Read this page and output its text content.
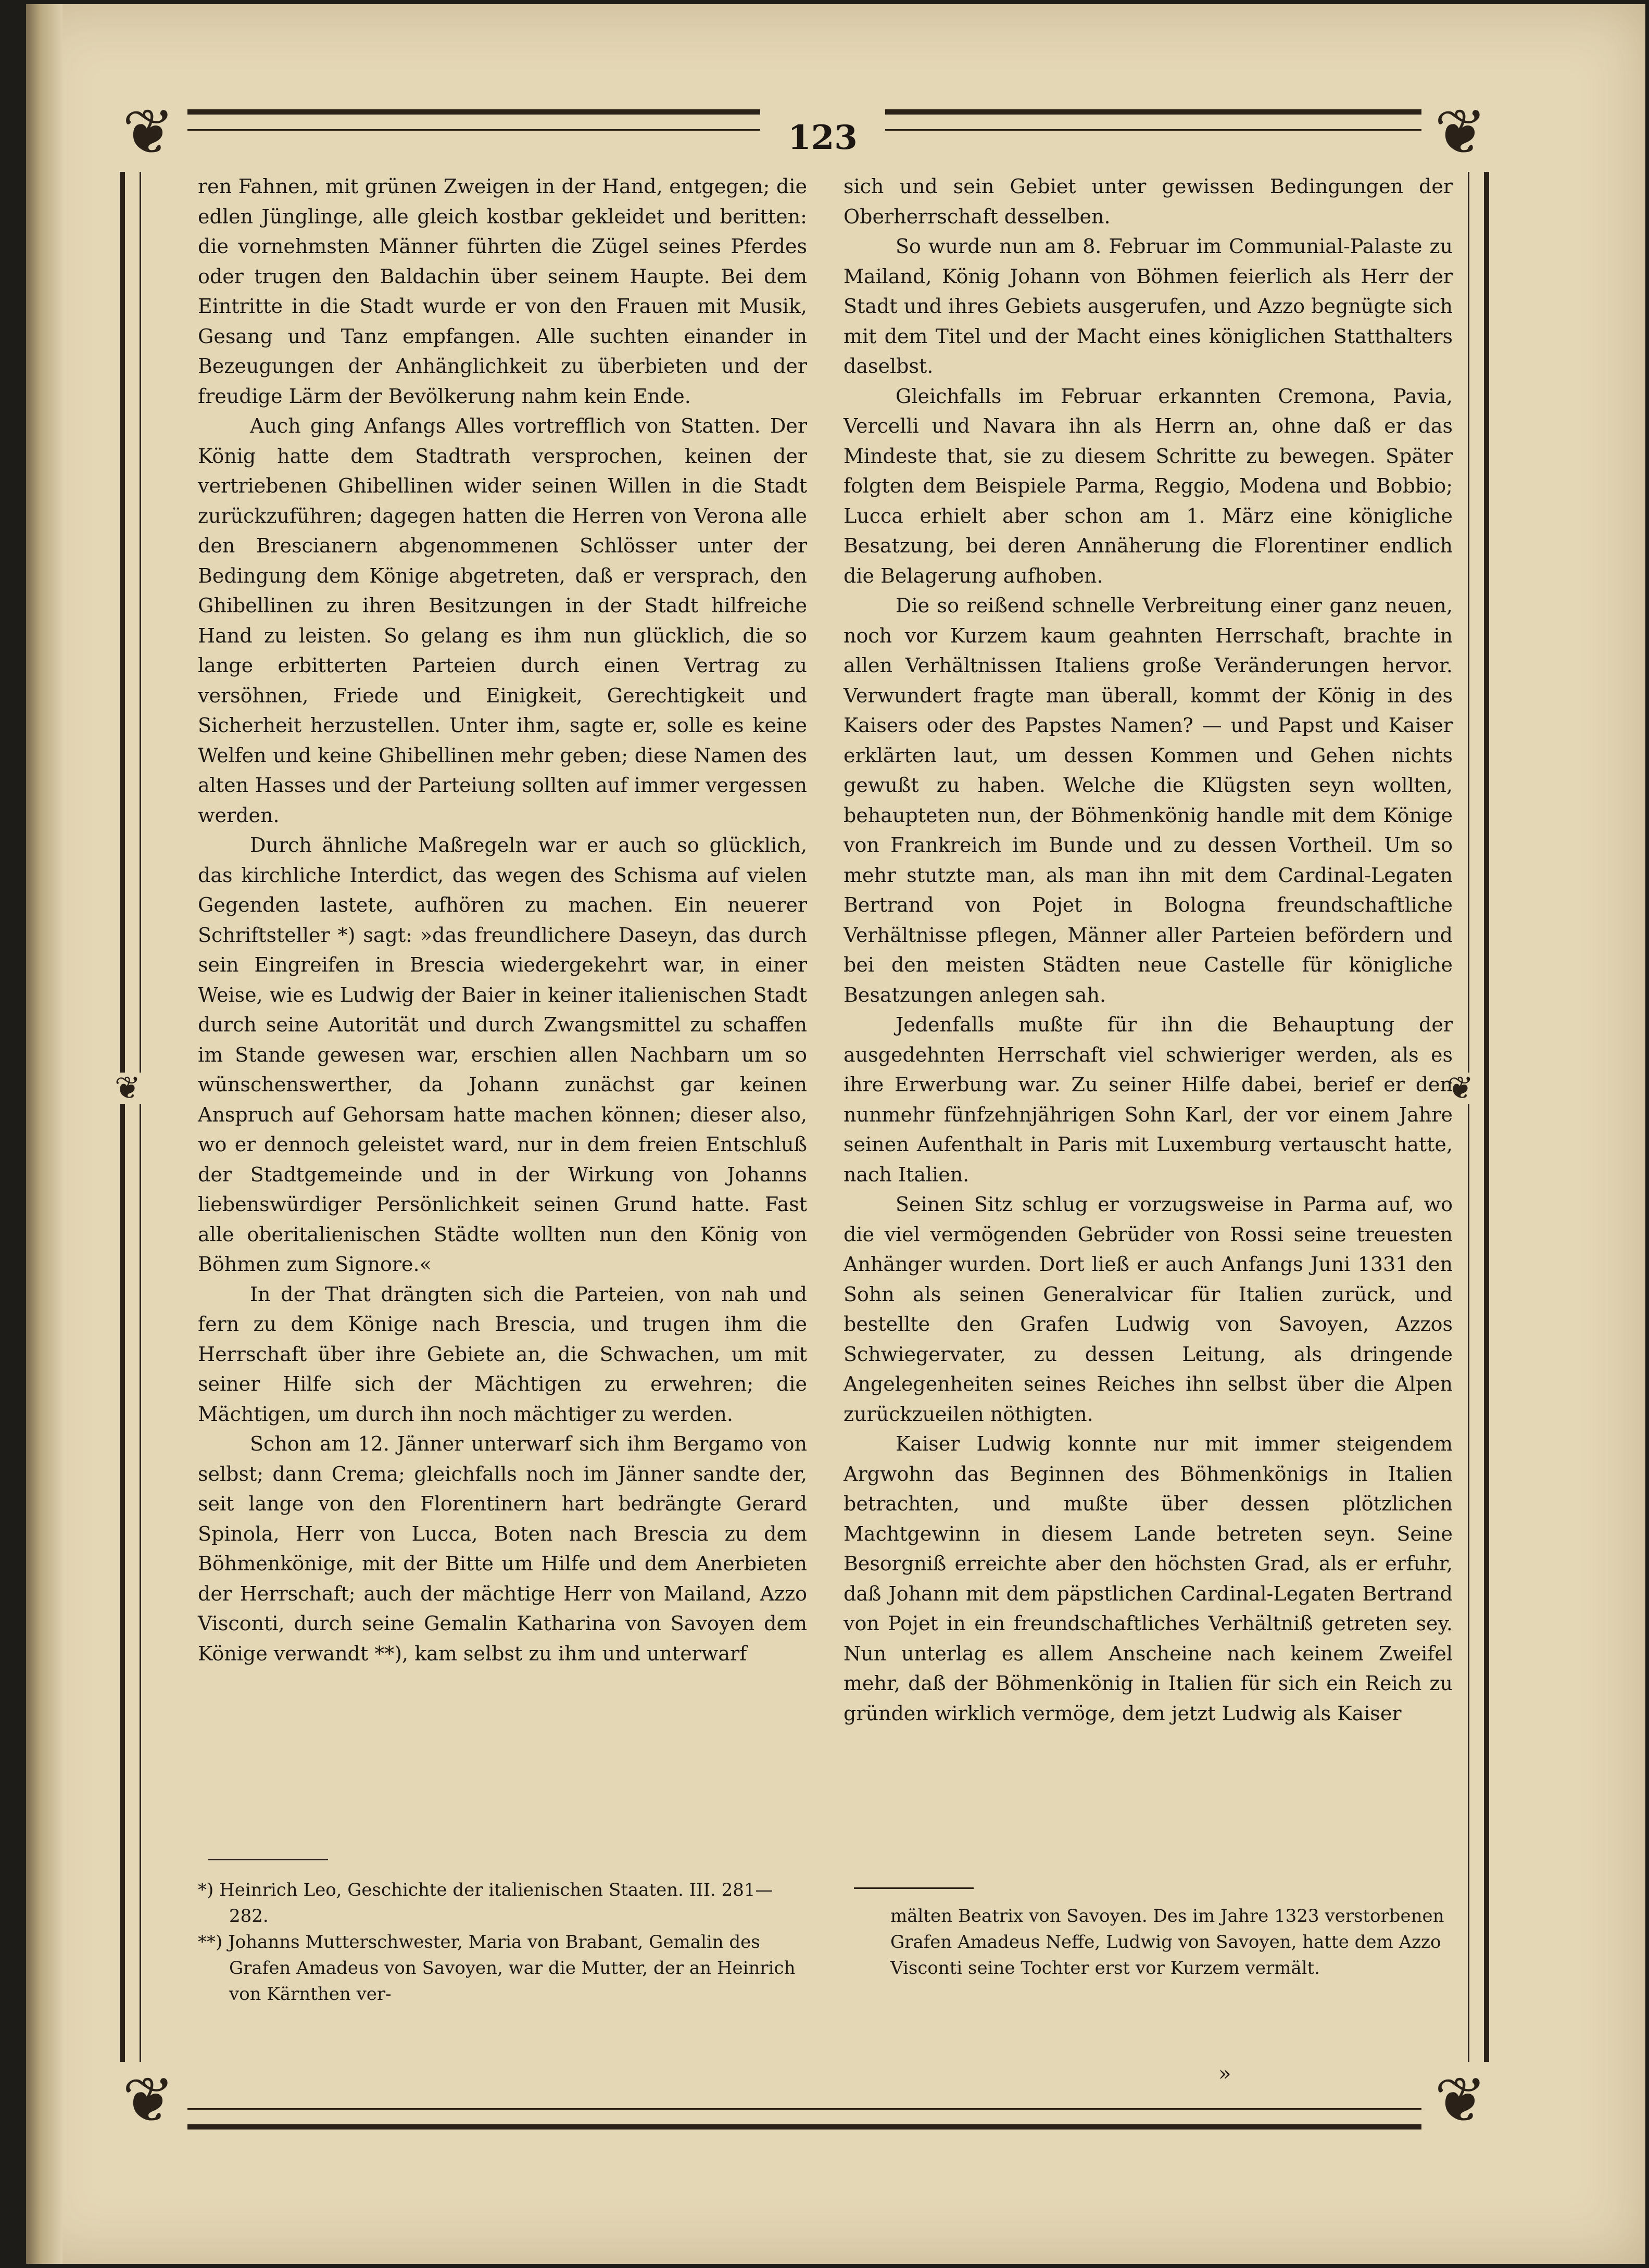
❦	❦
❦	❦
❦	❦
123

ren Fahnen, mit grünen Zweigen in der Hand, entgegen; die edlen Jünglinge, alle gleich kostbar gekleidet und beritten: die vornehmsten Männer führten die Zügel seines Pferdes oder trugen den Baldachin über seinem Haupte. Bei dem Eintritte in die Stadt wurde er von den Frauen mit Musik, Gesang und Tanz empfangen. Alle suchten einander in Bezeugungen der Anhänglichkeit zu überbieten und der freudige Lärm der Bevölkerung nahm kein Ende.

Auch ging Anfangs Alles vortrefflich von Statten. Der König hatte dem Stadtrath versprochen, keinen der vertriebenen Ghibellinen wider seinen Willen in die Stadt zurückzuführen; dagegen hatten die Herren von Verona alle den Brescianern abgenommenen Schlösser unter der Bedingung dem Könige abgetreten, daß er versprach, den Ghibellinen zu ihren Besitzungen in der Stadt hilfreiche Hand zu leisten. So gelang es ihm nun glücklich, die so lange erbitterten Parteien durch einen Vertrag zu versöhnen, Friede und Einigkeit, Gerechtigkeit und Sicherheit herzustellen. Unter ihm, sagte er, solle es keine Welfen und keine Ghibellinen mehr geben; diese Namen des alten Hasses und der Parteiung sollten auf immer vergessen werden.

Durch ähnliche Maßregeln war er auch so glücklich, das kirchliche Interdict, das wegen des Schisma auf vielen Gegenden lastete, aufhören zu machen. Ein neuerer Schriftsteller *) sagt: »das freundlichere Daseyn, das durch sein Eingreifen in Brescia wiedergekehrt war, in einer Weise, wie es Ludwig der Baier in keiner italienischen Stadt durch seine Autorität und durch Zwangsmittel zu schaffen im Stande gewesen war, erschien allen Nachbarn um so wünschenswerther, da Johann zunächst gar keinen Anspruch auf Gehorsam hatte machen können; dieser also, wo er dennoch geleistet ward, nur in dem freien Entschluß der Stadtgemeinde und in der Wirkung von Johanns liebenswürdiger Persönlichkeit seinen Grund hatte. Fast alle oberitalienischen Städte wollten nun den König von Böhmen zum Signore.«

In der That drängten sich die Parteien, von nah und fern zu dem Könige nach Brescia, und trugen ihm die Herrschaft über ihre Gebiete an, die Schwachen, um mit seiner Hilfe sich der Mächtigen zu erwehren; die Mächtigen, um durch ihn noch mächtiger zu werden.

Schon am 12. Jänner unterwarf sich ihm Bergamo von selbst; dann Crema; gleichfalls noch im Jänner sandte der, seit lange von den Florentinern hart bedrängte Gerard Spinola, Herr von Lucca, Boten nach Brescia zu dem Böhmenkönige, mit der Bitte um Hilfe und dem Anerbieten der Herrschaft; auch der mächtige Herr von Mailand, Azzo Visconti, durch seine Gemalin Katharina von Savoyen dem Könige verwandt **), kam selbst zu ihm und unterwarf

sich und sein Gebiet unter gewissen Bedingungen der Oberherrschaft desselben.

So wurde nun am 8. Februar im Communial-Palaste zu Mailand, König Johann von Böhmen feierlich als Herr der Stadt und ihres Gebiets ausgerufen, und Azzo begnügte sich mit dem Titel und der Macht eines königlichen Statthalters daselbst.

Gleichfalls im Februar erkannten Cremona, Pavia, Vercelli und Navara ihn als Herrn an, ohne daß er das Mindeste that, sie zu diesem Schritte zu bewegen. Später folgten dem Beispiele Parma, Reggio, Modena und Bobbio; Lucca erhielt aber schon am 1. März eine königliche Besatzung, bei deren Annäherung die Florentiner endlich die Belagerung aufhoben.

Die so reißend schnelle Verbreitung einer ganz neuen, noch vor Kurzem kaum geahnten Herrschaft, brachte in allen Verhältnissen Italiens große Veränderungen hervor. Verwundert fragte man überall, kommt der König in des Kaisers oder des Papstes Namen? — und Papst und Kaiser erklärten laut, um dessen Kommen und Gehen nichts gewußt zu haben. Welche die Klügsten seyn wollten, behaupteten nun, der Böhmenkönig handle mit dem Könige von Frankreich im Bunde und zu dessen Vortheil. Um so mehr stutzte man, als man ihn mit dem Cardinal-Legaten Bertrand von Pojet in Bologna freundschaftliche Verhältnisse pflegen, Männer aller Parteien befördern und bei den meisten Städten neue Castelle für königliche Besatzungen anlegen sah.

Jedenfalls mußte für ihn die Behauptung der ausgedehnten Herrschaft viel schwieriger werden, als es ihre Erwerbung war. Zu seiner Hilfe dabei, berief er den nunmehr fünfzehnjährigen Sohn Karl, der vor einem Jahre seinen Aufenthalt in Paris mit Luxemburg vertauscht hatte, nach Italien.

Seinen Sitz schlug er vorzugsweise in Parma auf, wo die viel vermögenden Gebrüder von Rossi seine treuesten Anhänger wurden. Dort ließ er auch Anfangs Juni 1331 den Sohn als seinen Generalvicar für Italien zurück, und bestellte den Grafen Ludwig von Savoyen, Azzos Schwiegervater, zu dessen Leitung, als dringende Angelegenheiten seines Reiches ihn selbst über die Alpen zurückzueilen nöthigten.

Kaiser Ludwig konnte nur mit immer steigendem Argwohn das Beginnen des Böhmenkönigs in Italien betrachten, und mußte über dessen plötzlichen Machtgewinn in diesem Lande betreten seyn. Seine Besorgniß erreichte aber den höchsten Grad, als er erfuhr, daß Johann mit dem päpstlichen Cardinal-Legaten Bertrand von Pojet in ein freundschaftliches Verhältniß getreten sey. Nun unterlag es allem Anscheine nach keinem Zweifel mehr, daß der Böhmenkönig in Italien für sich ein Reich zu gründen wirklich vermöge, dem jetzt Ludwig als Kaiser

*) Heinrich Leo, Geschichte der italienischen Staaten. III. 281—282.

**) Johanns Mutterschwester, Maria von Brabant, Gemalin des Grafen Amadeus von Savoyen, war die Mutter, der an Heinrich von Kärnthen ver-

mälten Beatrix von Savoyen. Des im Jahre 1323 verstorbenen Grafen Amadeus Neffe, Ludwig von Savoyen, hatte dem Azzo Visconti seine Tochter erst vor Kurzem vermält.

»
